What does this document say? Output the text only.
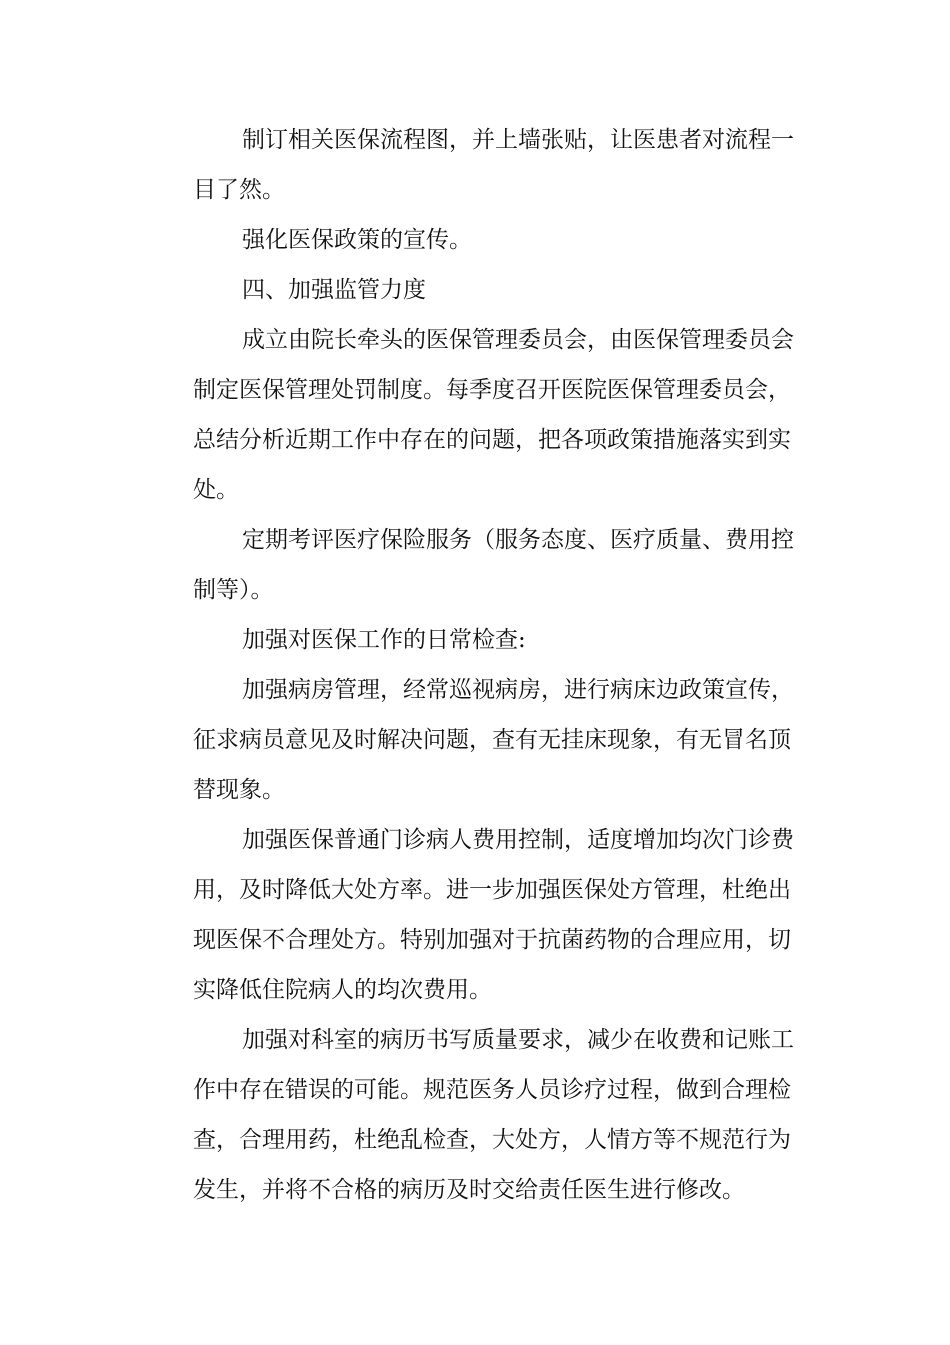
制订相关医保流程图，并上墙张贴，让医患者对流程一
目了然。
强化医保政策的宣传。
四、加强监管力度
成立由院长牵头的医保管理委员会，由医保管理委员会
制定医保管理处罚制度。每季度召开医院医保管理委员会，
总结分析近期工作中存在的问题，把各项政策措施落实到实
处。
定期考评医疗保险服务（服务态度、医疗质量、费用控
制等）。
加强对医保工作的日常检查:
加强病房管理，经常巡视病房，进行病床边政策宣传，
征求病员意见及时解决问题，查有无挂床现象，有无冒名顶
替现象。
加强医保普通门诊病人费用控制，适度增加均次门诊费
用，及时降低大处方率。进一步加强医保处方管理，杜绝出
现医保不合理处方。特别加强对于抗菌药物的合理应用，切
实降低住院病人的均次费用。
加强对科室的病历书写质量要求，减少在收费和记账工
作中存在错误的可能。规范医务人员诊疗过程，做到合理检
查，合理用药，杜绝乱检查，大处方，人情方等不规范行为
发生，并将不合格的病历及时交给责任医生进行修改。
